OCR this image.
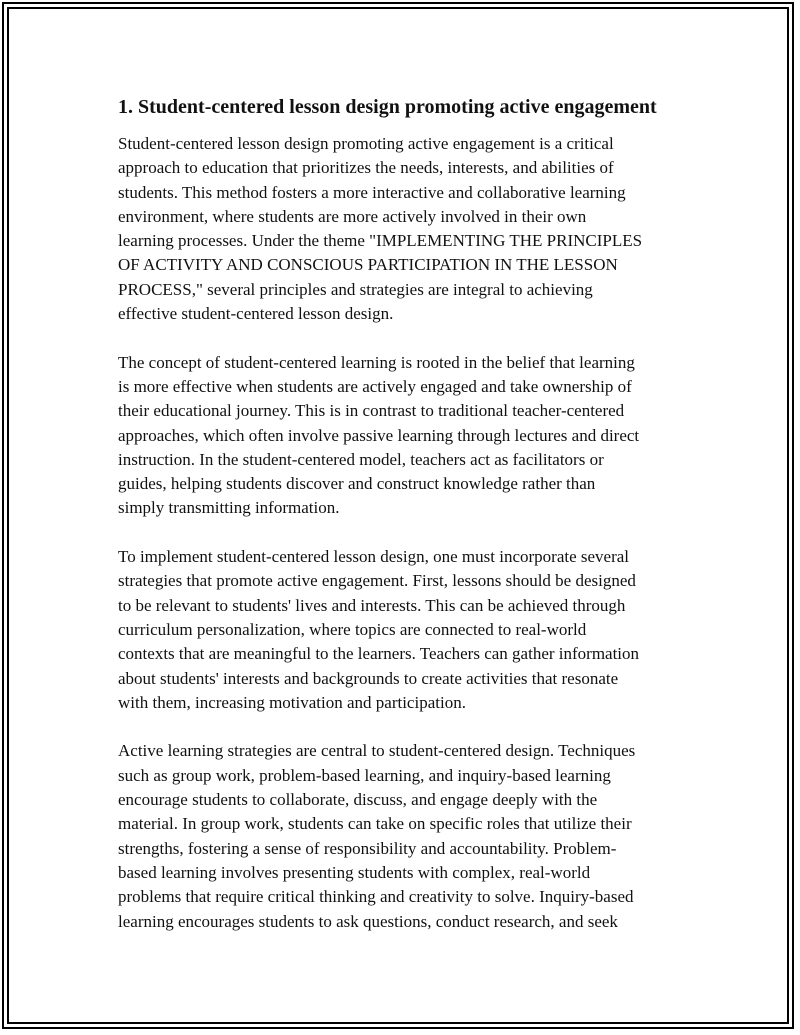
1. Student-centered lesson design promoting active engagement

Student-centered lesson design promoting active engagement is a critical
approach to education that prioritizes the needs, interests, and abilities of
students. This method fosters a more interactive and collaborative learning
environment, where students are more actively involved in their own
learning processes. Under the theme "IMPLEMENTING THE PRINCIPLES
OF ACTIVITY AND CONSCIOUS PARTICIPATION IN THE LESSON
PROCESS," several principles and strategies are integral to achieving
effective student-centered lesson design.

The concept of student-centered learning is rooted in the belief that learning
is more effective when students are actively engaged and take ownership of
their educational journey. This is in contrast to traditional teacher-centered
approaches, which often involve passive learning through lectures and direct
instruction. In the student-centered model, teachers act as facilitators or
guides, helping students discover and construct knowledge rather than
simply transmitting information.

To implement student-centered lesson design, one must incorporate several
strategies that promote active engagement. First, lessons should be designed
to be relevant to students' lives and interests. This can be achieved through
curriculum personalization, where topics are connected to real-world
contexts that are meaningful to the learners. Teachers can gather information
about students' interests and backgrounds to create activities that resonate
with them, increasing motivation and participation.

Active learning strategies are central to student-centered design. Techniques
such as group work, problem-based learning, and inquiry-based learning
encourage students to collaborate, discuss, and engage deeply with the
material. In group work, students can take on specific roles that utilize their
strengths, fostering a sense of responsibility and accountability. Problem-
based learning involves presenting students with complex, real-world
problems that require critical thinking and creativity to solve. Inquiry-based
learning encourages students to ask questions, conduct research, and seek
